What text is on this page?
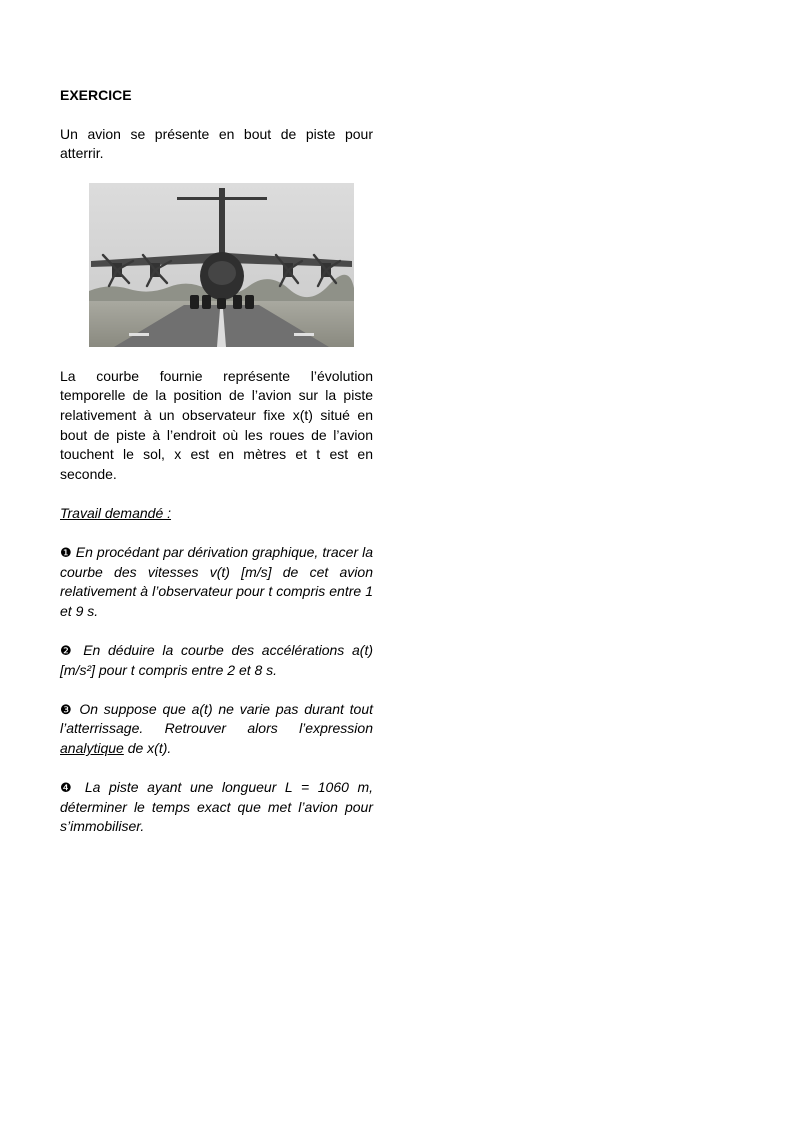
EXERCICE

Un avion se présente en bout de piste pour atterrir.

La courbe fournie représente l’évolution temporelle de la position de l’avion sur la piste relativement à un observateur fixe x(t) situé en bout de piste à l’endroit où les roues de l’avion touchent le sol, x est en mètres et t est en seconde.

Travail demandé :

❶ En procédant par dérivation graphique, tracer la courbe des vitesses v(t) [m/s] de cet avion relativement à l’observateur pour t compris entre 1 et 9 s.

❷ En déduire la courbe des accélérations a(t) [m/s²] pour t compris entre 2 et 8 s.

❸ On suppose que a(t) ne varie pas durant tout l’atterrissage. Retrouver alors l’expression analytique de x(t).

❹ La piste ayant une longueur L = 1060 m, déterminer le temps exact que met l’avion pour s’immobiliser.
